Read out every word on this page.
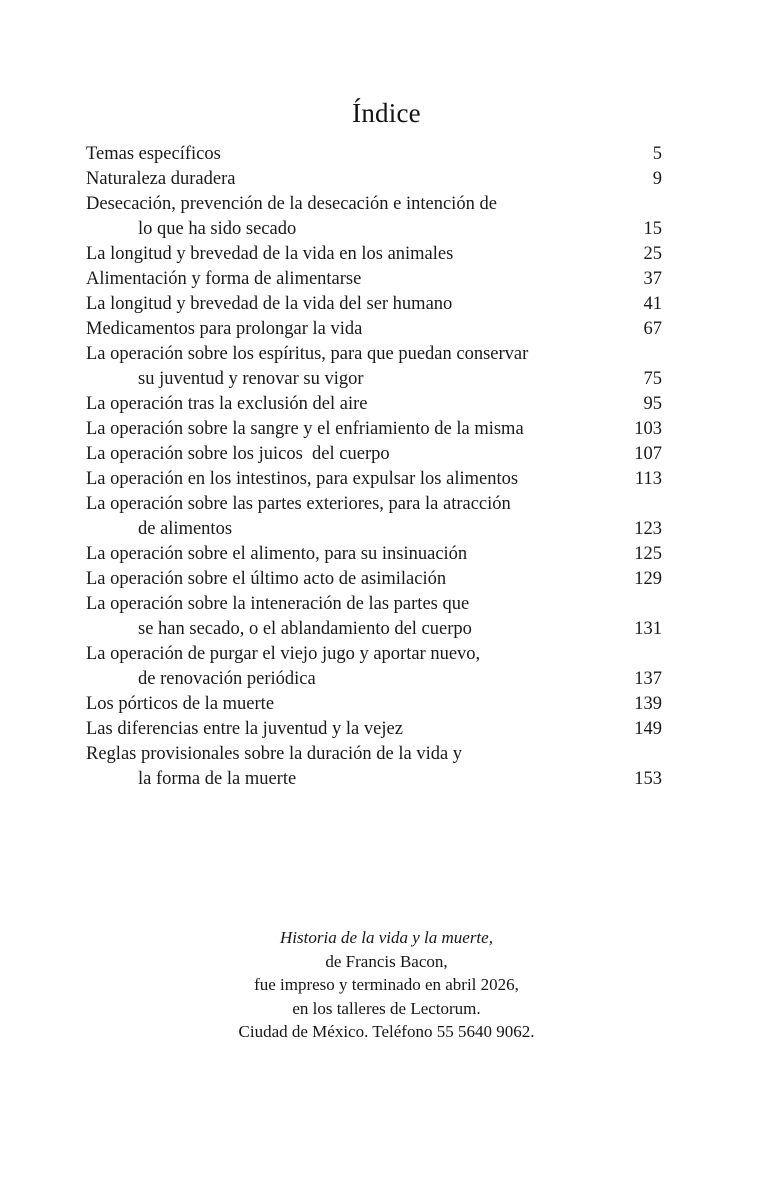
Índice
Temas específicos	5
Naturaleza duradera	9
Desecación, prevención de la desecación e intención de
lo que ha sido secado	15
La longitud y brevedad de la vida en los animales	25
Alimentación y forma de alimentarse	37
La longitud y brevedad de la vida del ser humano	41
Medicamentos para prolongar la vida	67
La operación sobre los espíritus, para que puedan conservar
su juventud y renovar su vigor	75
La operación tras la exclusión del aire	95
La operación sobre la sangre y el enfriamiento de la misma	103
La operación sobre los juicos  del cuerpo	107
La operación en los intestinos, para expulsar los alimentos	113
La operación sobre las partes exteriores, para la atracción
de alimentos	123
La operación sobre el alimento, para su insinuación	125
La operación sobre el último acto de asimilación	129
La operación sobre la inteneración de las partes que
se han secado, o el ablandamiento del cuerpo	131
La operación de purgar el viejo jugo y aportar nuevo,
de renovación periódica	137
Los pórticos de la muerte	139
Las diferencias entre la juventud y la vejez	149
Reglas provisionales sobre la duración de la vida y
la forma de la muerte	153
Historia de la vida y la muerte,
de Francis Bacon,
fue impreso y terminado en abril 2026,
en los talleres de Lectorum.
Ciudad de México. Teléfono 55 5640 9062.
